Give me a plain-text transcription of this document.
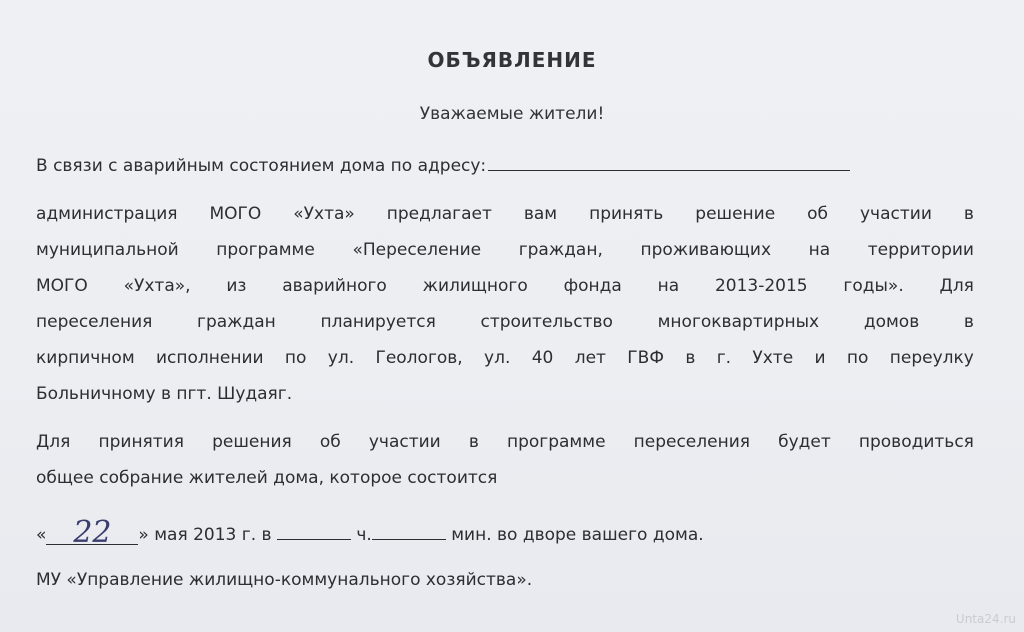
ОБЪЯВЛЕНИЕ
Уважаемые жители!
В связи с аварийным состоянием дома по адресу:
администрация МОГО «Ухта» предлагает вам принять решение об участии в
муниципальной программе «Переселение граждан, проживающих на территории
МОГО «Ухта», из аварийного жилищного фонда на 2013-2015 годы». Для
переселения	граждан	планируется	строительство	многоквартирных	домов	в
кирпичном исполнении по ул. Геологов, ул. 40 лет ГВФ в г. Ухте и по переулку
Больничному в пгт. Шудаяг.
Для принятия решения об участии в программе переселения будет проводиться
общее собрание жителей дома, которое состоится
« 22 » мая 2013 г. в	ч.	мин. во дворе вашего дома.
МУ «Управление жилищно-коммунального хозяйства».
Unta24.ru
